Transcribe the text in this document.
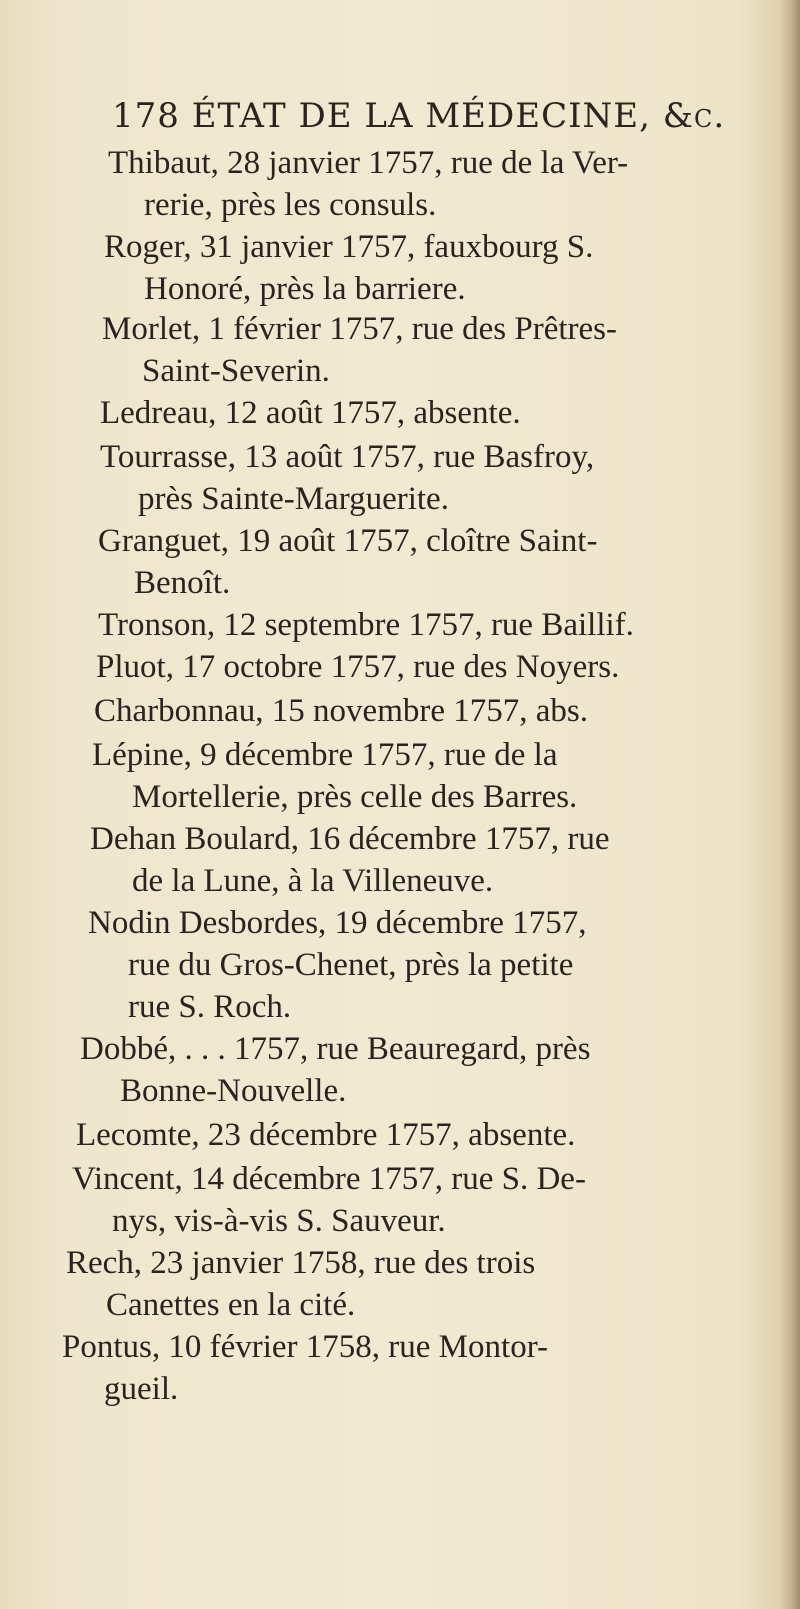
178 ÉTAT DE LA MÉDECINE, &c.
Thibaut, 28 janvier 1757, rue de la Ver-
rerie, près les consuls.
Roger, 31 janvier 1757, fauxbourg S.
Honoré, près la barriere.
Morlet, 1 février 1757, rue des Prêtres-
Saint-Severin.
Ledreau, 12 août 1757, absente.
Tourrasse, 13 août 1757, rue Basfroy,
près Sainte-Marguerite.
Granguet, 19 août 1757, cloître Saint-
Benoît.
Tronson, 12 septembre 1757, rue Baillif.
Pluot, 17 octobre 1757, rue des Noyers.
Charbonnau, 15 novembre 1757, abs.
Lépine, 9 décembre 1757, rue de la
Mortellerie, près celle des Barres.
Dehan Boulard, 16 décembre 1757, rue
de la Lune, à la Villeneuve.
Nodin Desbordes, 19 décembre 1757,
rue du Gros-Chenet, près la petite
rue S. Roch.
Dobbé, . . . 1757, rue Beauregard, près
Bonne-Nouvelle.
Lecomte, 23 décembre 1757, absente.
Vincent, 14 décembre 1757, rue S. De-
nys, vis-à-vis S. Sauveur.
Rech, 23 janvier 1758, rue des trois
Canettes en la cité.
Pontus, 10 février 1758, rue Montor-
gueil.
